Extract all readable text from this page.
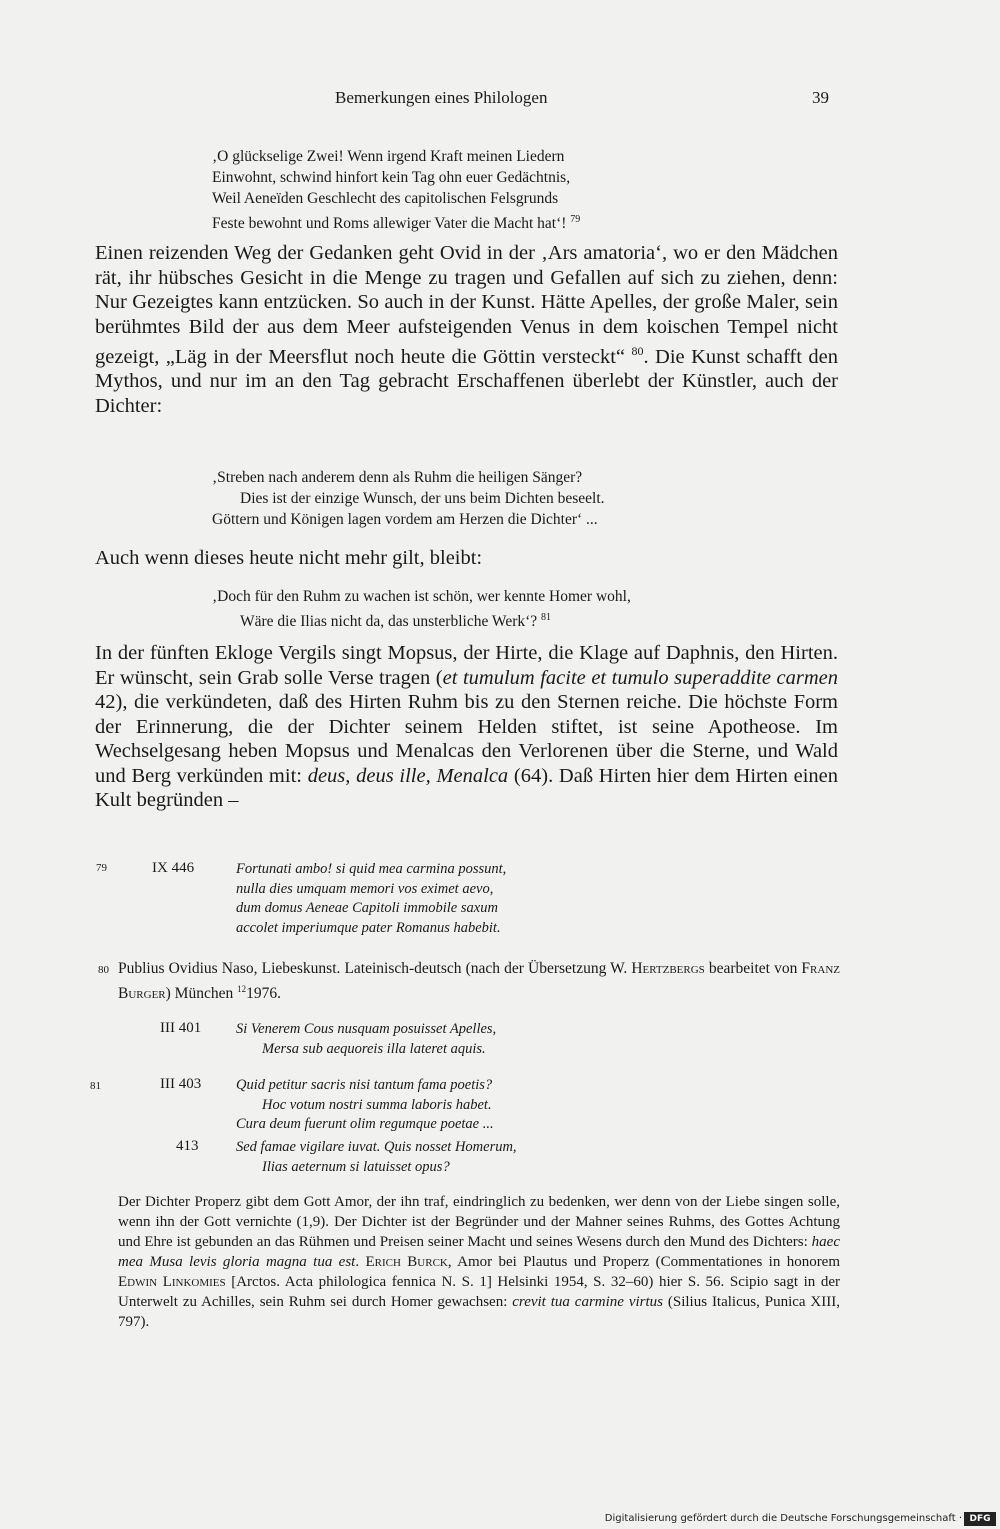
Bemerkungen eines Philologen	39
‚O glückselige Zwei! Wenn irgend Kraft meinen Liedern
Einwohnt, schwind hinfort kein Tag ohn euer Gedächtnis,
Weil Aeneïden Geschlecht des capitolischen Felsgrunds
Feste bewohnt und Roms allewiger Vater die Macht hat‘! $^{79}$
Einen reizenden Weg der Gedanken geht Ovid in der ‚Ars amatoria‘, wo er den Mädchen rät, ihr hübsches Gesicht in die Menge zu tragen und Gefallen auf sich zu ziehen, denn: Nur Gezeigtes kann entzücken. So auch in der Kunst. Hätte Apelles, der große Maler, sein berühmtes Bild der aus dem Meer aufsteigenden Venus in dem koischen Tempel nicht gezeigt, „Läg in der Meersflut noch heute die Göttin versteckt“ $^{80}$. Die Kunst schafft den Mythos, und nur im an den Tag gebracht Erschaffenen überlebt der Künstler, auch der Dichter:
‚Streben nach anderem denn als Ruhm die heiligen Sänger?
Dies ist der einzige Wunsch, der uns beim Dichten beseelt.
Göttern und Königen lagen vordem am Herzen die Dichter‘ ...
Auch wenn dieses heute nicht mehr gilt, bleibt:
‚Doch für den Ruhm zu wachen ist schön, wer kennte Homer wohl,
Wäre die Ilias nicht da, das unsterbliche Werk‘? $^{81}$
In der fünften Ekloge Vergils singt Mopsus, der Hirte, die Klage auf Daphnis, den Hirten. Er wünscht, sein Grab solle Verse tragen (et tumulum facite et tumulo superaddite carmen 42), die verkündeten, daß des Hirten Ruhm bis zu den Sternen reiche. Die höchste Form der Erinnerung, die der Dichter seinem Helden stiftet, ist seine Apotheose. Im Wechselgesang heben Mopsus und Menalcas den Verlorenen über die Sterne, und Wald und Berg verkünden mit: deus, deus ille, Menalca (64). Daß Hirten hier dem Hirten einen Kult begründen –
79	IX 446	Fortunati ambo! si quid mea carmina possunt,
nulla dies umquam memori vos eximet aevo,
dum domus Aeneae Capitoli immobile saxum
accolet imperiumque pater Romanus habebit.
80 Publius Ovidius Naso, Liebeskunst. Lateinisch-deutsch (nach der Übersetzung W. Hertzbergs bearbeitet von Franz Burger) München $^{12}$1976.
III 401 Si Venerem Cous nusquam posuisset Apelles,
Mersa sub aequoreis illa lateret aquis.
81	III 403 Quid petitur sacris nisi tantum fama poetis?
Hoc votum nostri summa laboris habet.
Cura deum fuerunt olim regumque poetae ...
413	Sed famae vigilare iuvat. Quis nosset Homerum,
Ilias aeternum si latuisset opus?
Der Dichter Properz gibt dem Gott Amor, der ihn traf, eindringlich zu bedenken, wer denn von der Liebe singen solle, wenn ihn der Gott vernichte (1,9). Der Dichter ist der Begründer und der Mahner seines Ruhms, des Gottes Achtung und Ehre ist gebunden an das Rühmen und Preisen seiner Macht und seines Wesens durch den Mund des Dichters: haec mea Musa levis gloria magna tua est. Erich Burck, Amor bei Plautus und Properz (Commentationes in honorem Edwin Linkomies [Arctos. Acta philologica fennica N. S. 1] Helsinki 1954, S. 32–60) hier S. 56. Scipio sagt in der Unterwelt zu Achilles, sein Ruhm sei durch Homer gewachsen: crevit tua carmine virtus (Silius Italicus, Punica XIII, 797).
Digitalisierung gefördert durch die Deutsche Forschungsgemeinschaft · DFG
